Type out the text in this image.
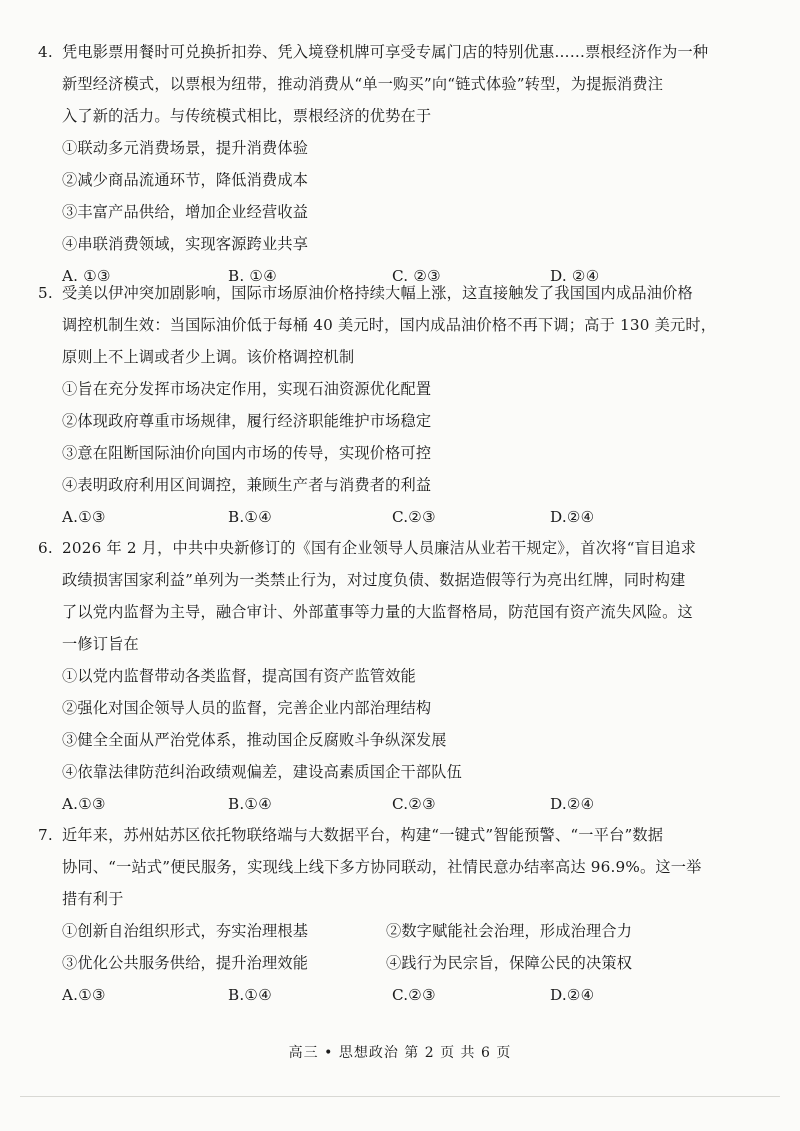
4. 凭电影票用餐时可兑换折扣券、凭入境登机牌可享受专属门店的特别优惠……票根经济作为一种
新型经济模式，以票根为纽带，推动消费从“单一购买”向“链式体验”转型，为提振消费注
入了新的活力。与传统模式相比，票根经济的优势在于
①联动多元消费场景，提升消费体验
②减少商品流通环节，降低消费成本
③丰富产品供给，增加企业经营收益
④串联消费领域，实现客源跨业共享
A. ①③	B. ①④	C. ②③	D. ②④
5. 受美以伊冲突加剧影响，国际市场原油价格持续大幅上涨，这直接触发了我国国内成品油价格
调控机制生效：当国际油价低于每桶 40 美元时，国内成品油价格不再下调；高于 130 美元时，
原则上不上调或者少上调。该价格调控机制
①旨在充分发挥市场决定作用，实现石油资源优化配置
②体现政府尊重市场规律，履行经济职能维护市场稳定
③意在阻断国际油价向国内市场的传导，实现价格可控
④表明政府利用区间调控，兼顾生产者与消费者的利益
A.①③	B.①④	C.②③	D.②④
6. 2026 年 2 月，中共中央新修订的《国有企业领导人员廉洁从业若干规定》，首次将“盲目追求
政绩损害国家利益”单列为一类禁止行为，对过度负债、数据造假等行为亮出红牌，同时构建
了以党内监督为主导，融合审计、外部董事等力量的大监督格局，防范国有资产流失风险。这
一修订旨在
①以党内监督带动各类监督，提高国有资产监管效能
②强化对国企领导人员的监督，完善企业内部治理结构
③健全全面从严治党体系，推动国企反腐败斗争纵深发展
④依靠法律防范纠治政绩观偏差，建设高素质国企干部队伍
A.①③	B.①④	C.②③	D.②④
7. 近年来，苏州姑苏区依托物联络端与大数据平台，构建“一键式”智能预警、“一平台”数据
协同、“一站式”便民服务，实现线上线下多方协同联动，社情民意办结率高达 96.9%。这一举
措有利于
①创新自治组织形式，夯实治理根基	②数字赋能社会治理，形成治理合力
③优化公共服务供给，提升治理效能	④践行为民宗旨，保障公民的决策权
A.①③	B.①④	C.②③	D.②④
高三 • 思想政治 第 2 页 共 6 页
